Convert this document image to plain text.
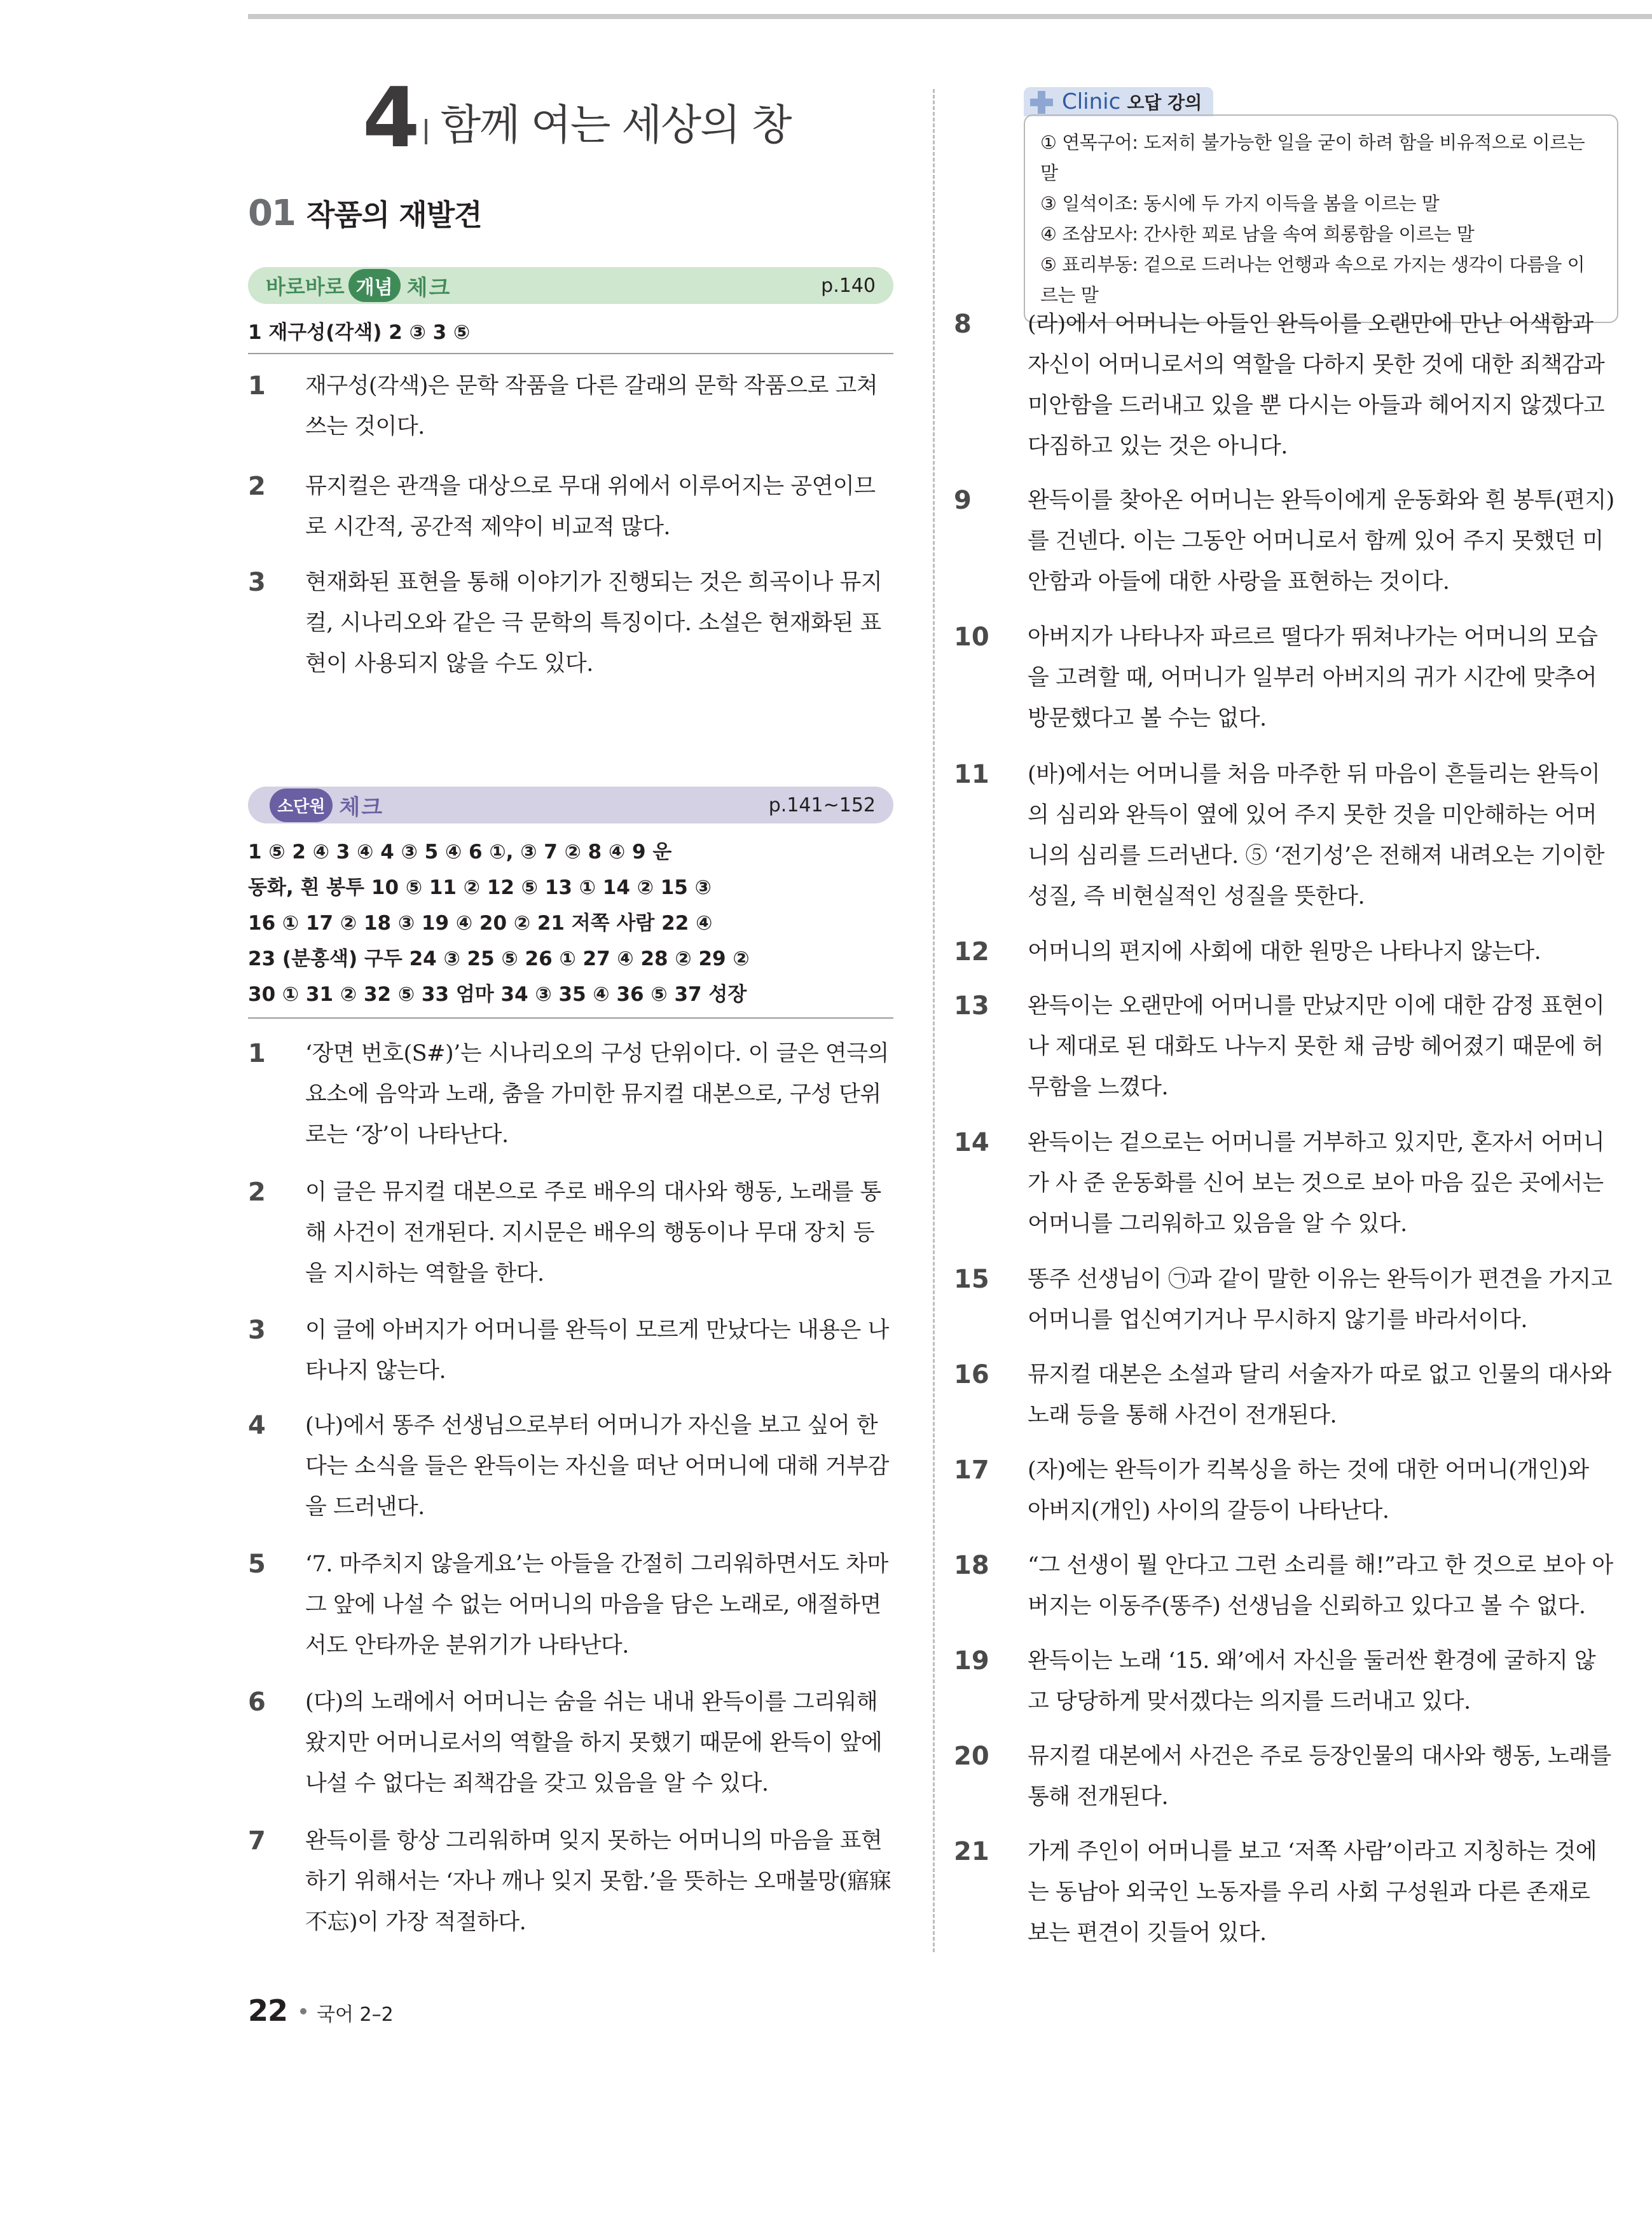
4 함께 여는 세상의 창
01 작품의 재발견
바로바로 개념 체크	p.140
1 재구성(각색) 2 ③ 3 ⑤
1	재구성(각색)은 문학 작품을 다른 갈래의 문학 작품으로 고쳐 쓰는 것이다.
2	뮤지컬은 관객을 대상으로 무대 위에서 이루어지는 공연이므로 시간적, 공간적 제약이 비교적 많다.
3	현재화된 표현을 통해 이야기가 진행되는 것은 희곡이나 뮤지컬, 시나리오와 같은 극 문학의 특징이다. 소설은 현재화된 표현이 사용되지 않을 수도 있다.
소단원 체크	p.141~152
1 ⑤ 2 ④ 3 ④ 4 ③ 5 ④ 6 ①, ③ 7 ② 8 ④ 9 운
동화, 흰 봉투 10 ⑤ 11 ② 12 ⑤ 13 ① 14 ② 15 ③
16 ① 17 ② 18 ③ 19 ④ 20 ② 21 저쪽 사람 22 ④
23 (분홍색) 구두 24 ③ 25 ⑤ 26 ① 27 ④ 28 ② 29 ②
30 ① 31 ② 32 ⑤ 33 엄마 34 ③ 35 ④ 36 ⑤ 37 성장
1	‘장면 번호(S#)’는 시나리오의 구성 단위이다. 이 글은 연극의 요소에 음악과 노래, 춤을 가미한 뮤지컬 대본으로, 구성 단위로는 ‘장’이 나타난다.
2	이 글은 뮤지컬 대본으로 주로 배우의 대사와 행동, 노래를 통해 사건이 전개된다. 지시문은 배우의 행동이나 무대 장치 등을 지시하는 역할을 한다.
3	이 글에 아버지가 어머니를 완득이 모르게 만났다는 내용은 나타나지 않는다.
4	(나)에서 똥주 선생님으로부터 어머니가 자신을 보고 싶어 한다는 소식을 들은 완득이는 자신을 떠난 어머니에 대해 거부감을 드러낸다.
5	‘7. 마주치지 않을게요’는 아들을 간절히 그리워하면서도 차마 그 앞에 나설 수 없는 어머니의 마음을 담은 노래로, 애절하면서도 안타까운 분위기가 나타난다.
6	(다)의 노래에서 어머니는 숨을 쉬는 내내 완득이를 그리워해 왔지만 어머니로서의 역할을 하지 못했기 때문에 완득이 앞에 나설 수 없다는 죄책감을 갖고 있음을 알 수 있다.
7	완득이를 항상 그리워하며 잊지 못하는 어머니의 마음을 표현하기 위해서는 ‘자나 깨나 잊지 못함.’을 뜻하는 오매불망(寤寐不忘)이 가장 적절하다.
Clinic 오답 강의
① 연목구어: 도저히 불가능한 일을 굳이 하려 함을 비유적으로 이르는 말
③ 일석이조: 동시에 두 가지 이득을 봄을 이르는 말
④ 조삼모사: 간사한 꾀로 남을 속여 희롱함을 이르는 말
⑤ 표리부동: 겉으로 드러나는 언행과 속으로 가지는 생각이 다름을 이르는 말
8	(라)에서 어머니는 아들인 완득이를 오랜만에 만난 어색함과 자신이 어머니로서의 역할을 다하지 못한 것에 대한 죄책감과 미안함을 드러내고 있을 뿐 다시는 아들과 헤어지지 않겠다고 다짐하고 있는 것은 아니다.
9	완득이를 찾아온 어머니는 완득이에게 운동화와 흰 봉투(편지)를 건넨다. 이는 그동안 어머니로서 함께 있어 주지 못했던 미안함과 아들에 대한 사랑을 표현하는 것이다.
10	아버지가 나타나자 파르르 떨다가 뛰쳐나가는 어머니의 모습을 고려할 때, 어머니가 일부러 아버지의 귀가 시간에 맞추어 방문했다고 볼 수는 없다.
11	(바)에서는 어머니를 처음 마주한 뒤 마음이 흔들리는 완득이의 심리와 완득이 옆에 있어 주지 못한 것을 미안해하는 어머니의 심리를 드러낸다. ⑤ ‘전기성’은 전해져 내려오는 기이한 성질, 즉 비현실적인 성질을 뜻한다.
12	어머니의 편지에 사회에 대한 원망은 나타나지 않는다.
13	완득이는 오랜만에 어머니를 만났지만 이에 대한 감정 표현이나 제대로 된 대화도 나누지 못한 채 금방 헤어졌기 때문에 허무함을 느꼈다.
14	완득이는 겉으로는 어머니를 거부하고 있지만, 혼자서 어머니가 사 준 운동화를 신어 보는 것으로 보아 마음 깊은 곳에서는 어머니를 그리워하고 있음을 알 수 있다.
15	똥주 선생님이 ㉠과 같이 말한 이유는 완득이가 편견을 가지고 어머니를 업신여기거나 무시하지 않기를 바라서이다.
16	뮤지컬 대본은 소설과 달리 서술자가 따로 없고 인물의 대사와 노래 등을 통해 사건이 전개된다.
17	(자)에는 완득이가 킥복싱을 하는 것에 대한 어머니(개인)와 아버지(개인) 사이의 갈등이 나타난다.
18	“그 선생이 뭘 안다고 그런 소리를 해!”라고 한 것으로 보아 아버지는 이동주(똥주) 선생님을 신뢰하고 있다고 볼 수 없다.
19	완득이는 노래 ‘15. 왜’에서 자신을 둘러싼 환경에 굴하지 않고 당당하게 맞서겠다는 의지를 드러내고 있다.
20	뮤지컬 대본에서 사건은 주로 등장인물의 대사와 행동, 노래를 통해 전개된다.
21	가게 주인이 어머니를 보고 ‘저쪽 사람’이라고 지칭하는 것에는 동남아 외국인 노동자를 우리 사회 구성원과 다른 존재로 보는 편견이 깃들어 있다.
22 국어 2–2
